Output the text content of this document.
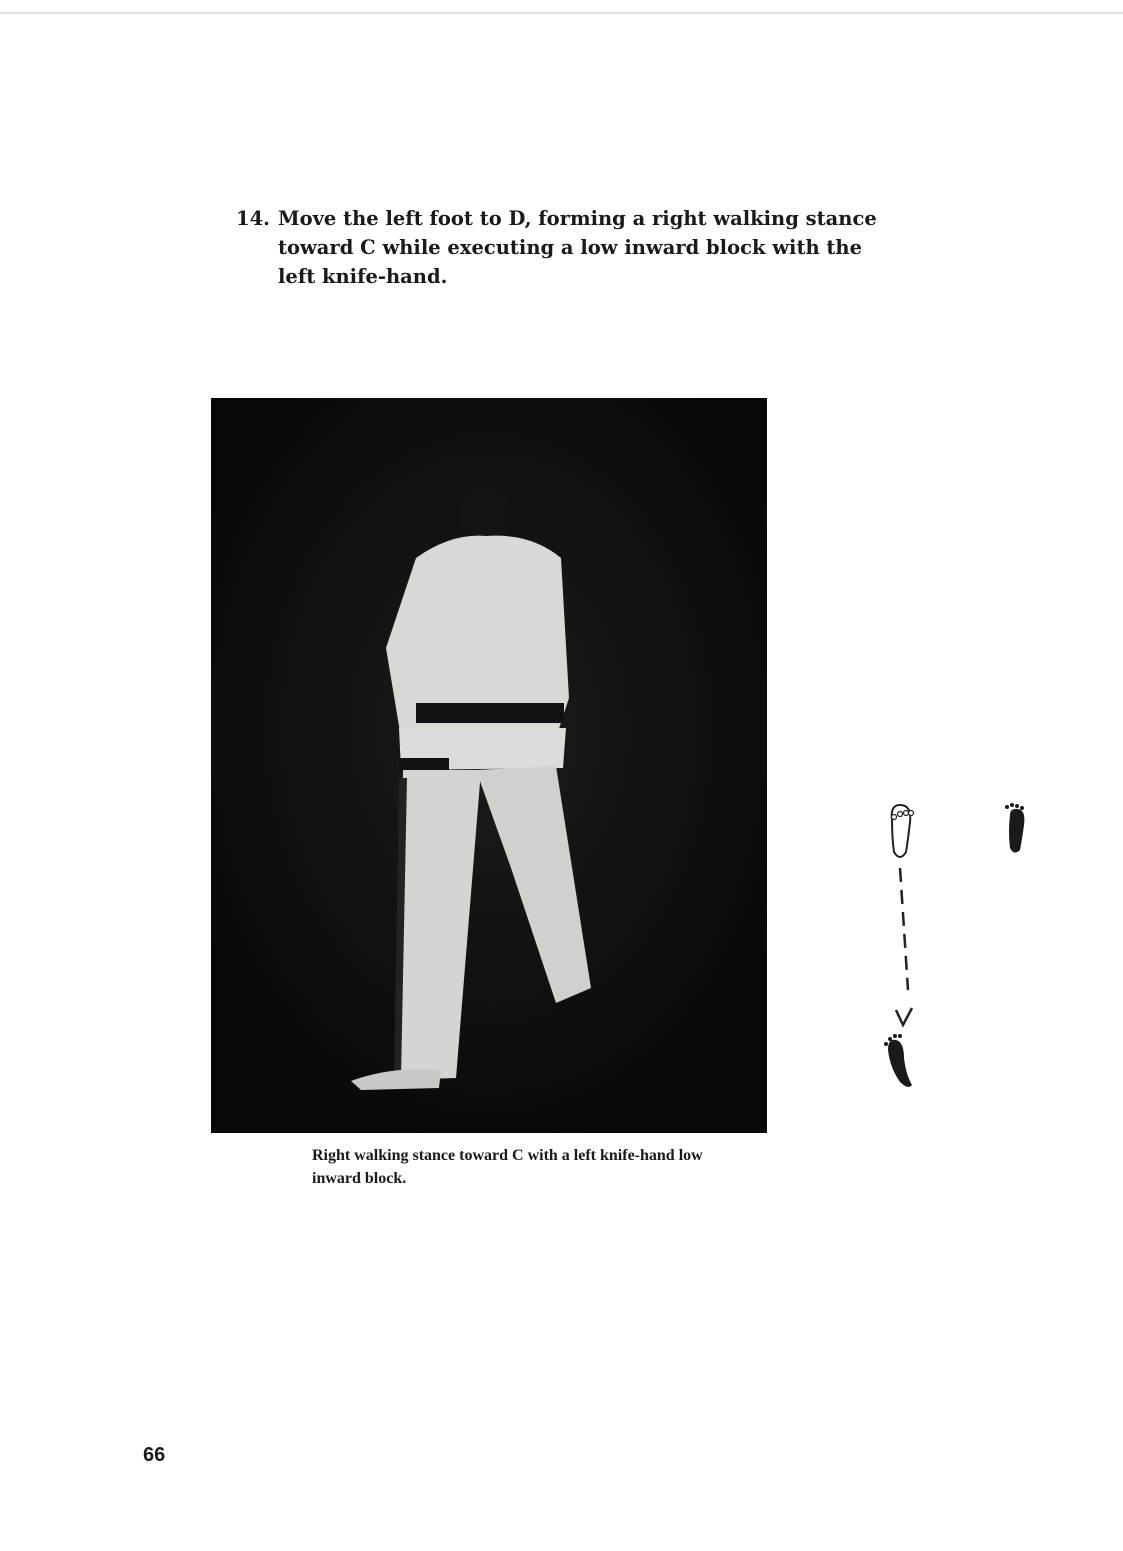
14. Move the left foot to D, forming a right walking stance toward C while executing a low inward block with the left knife-hand.
Right walking stance toward C with a left knife-hand low inward block.
66
